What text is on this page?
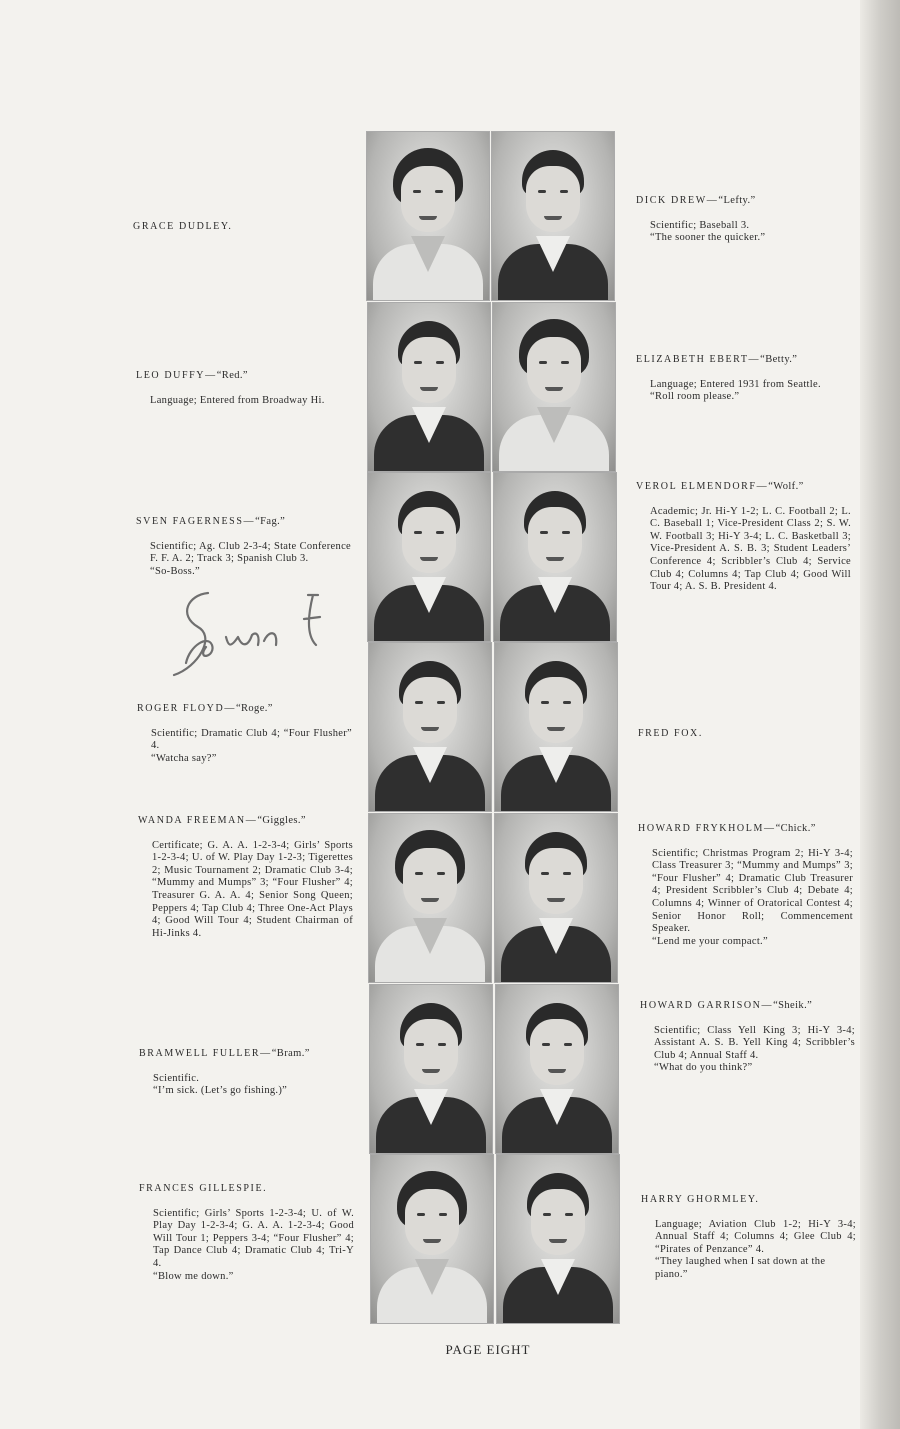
GRACE DUDLEY.
LEO DUFFY—“Red.”
Language; Entered from Broadway Hi.
SVEN FAGERNESS—“Fag.”
Scientific; Ag. Club 2-3-4; State Conference F. F. A. 2; Track 3; Spanish Club 3.
“So-Boss.”
ROGER FLOYD—“Roge.”
Scientific; Dramatic Club 4; “Four Flusher” 4.
“Watcha say?”
WANDA FREEMAN—“Giggles.”
Certificate; G. A. A. 1-2-3-4; Girls’ Sports 1-2-3-4; U. of W. Play Day 1-2-3; Tigerettes 2; Music Tournament 2; Dramatic Club 3-4; “Mummy and Mumps” 3; “Four Flusher” 4; Treasurer G. A. A. 4; Senior Song Queen; Peppers 4; Tap Club 4; Three One-Act Plays 4; Good Will Tour 4; Student Chairman of Hi-Jinks 4.
BRAMWELL FULLER—“Bram.”
Scientific.
“I’m sick. (Let’s go fishing.)”
FRANCES GILLESPIE.
Scientific; Girls’ Sports 1-2-3-4; U. of W. Play Day 1-2-3-4; G. A. A. 1-2-3-4; Good Will Tour 1; Peppers 3-4; “Four Flusher” 4; Tap Dance Club 4; Dramatic Club 4; Tri-Y 4.
“Blow me down.”
DICK DREW—“Lefty.”
Scientific; Baseball 3.
“The sooner the quicker.”
ELIZABETH EBERT—“Betty.”
Language; Entered 1931 from Seattle.
“Roll room please.”
VEROL ELMENDORF—“Wolf.”
Academic; Jr. Hi-Y 1-2; L. C. Football 2; L. C. Baseball 1; Vice-President Class 2; S. W. W. Football 3; Hi-Y 3-4; L. C. Basketball 3; Vice-President A. S. B. 3; Student Leaders’ Conference 4; Scribbler’s Club 4; Service Club 4; Columns 4; Tap Club 4; Good Will Tour 4; A. S. B. President 4.
FRED FOX.
HOWARD FRYKHOLM—“Chick.”
Scientific; Christmas Program 2; Hi-Y 3-4; Class Treasurer 3; “Mummy and Mumps” 3; “Four Flusher” 4; Dramatic Club Treasurer 4; President Scribbler’s Club 4; Debate 4; Columns 4; Winner of Oratorical Contest 4; Senior Honor Roll; Commencement Speaker.
“Lend me your compact.”
HOWARD GARRISON—“Sheik.”
Scientific; Class Yell King 3; Hi-Y 3-4; Assistant A. S. B. Yell King 4; Scribbler’s Club 4; Annual Staff 4.
“What do you think?”
HARRY GHORMLEY.
Language; Aviation Club 1-2; Hi-Y 3-4; Annual Staff 4; Columns 4; Glee Club 4; “Pirates of Penzance” 4.
“They laughed when I sat down at the piano.”
PAGE EIGHT
